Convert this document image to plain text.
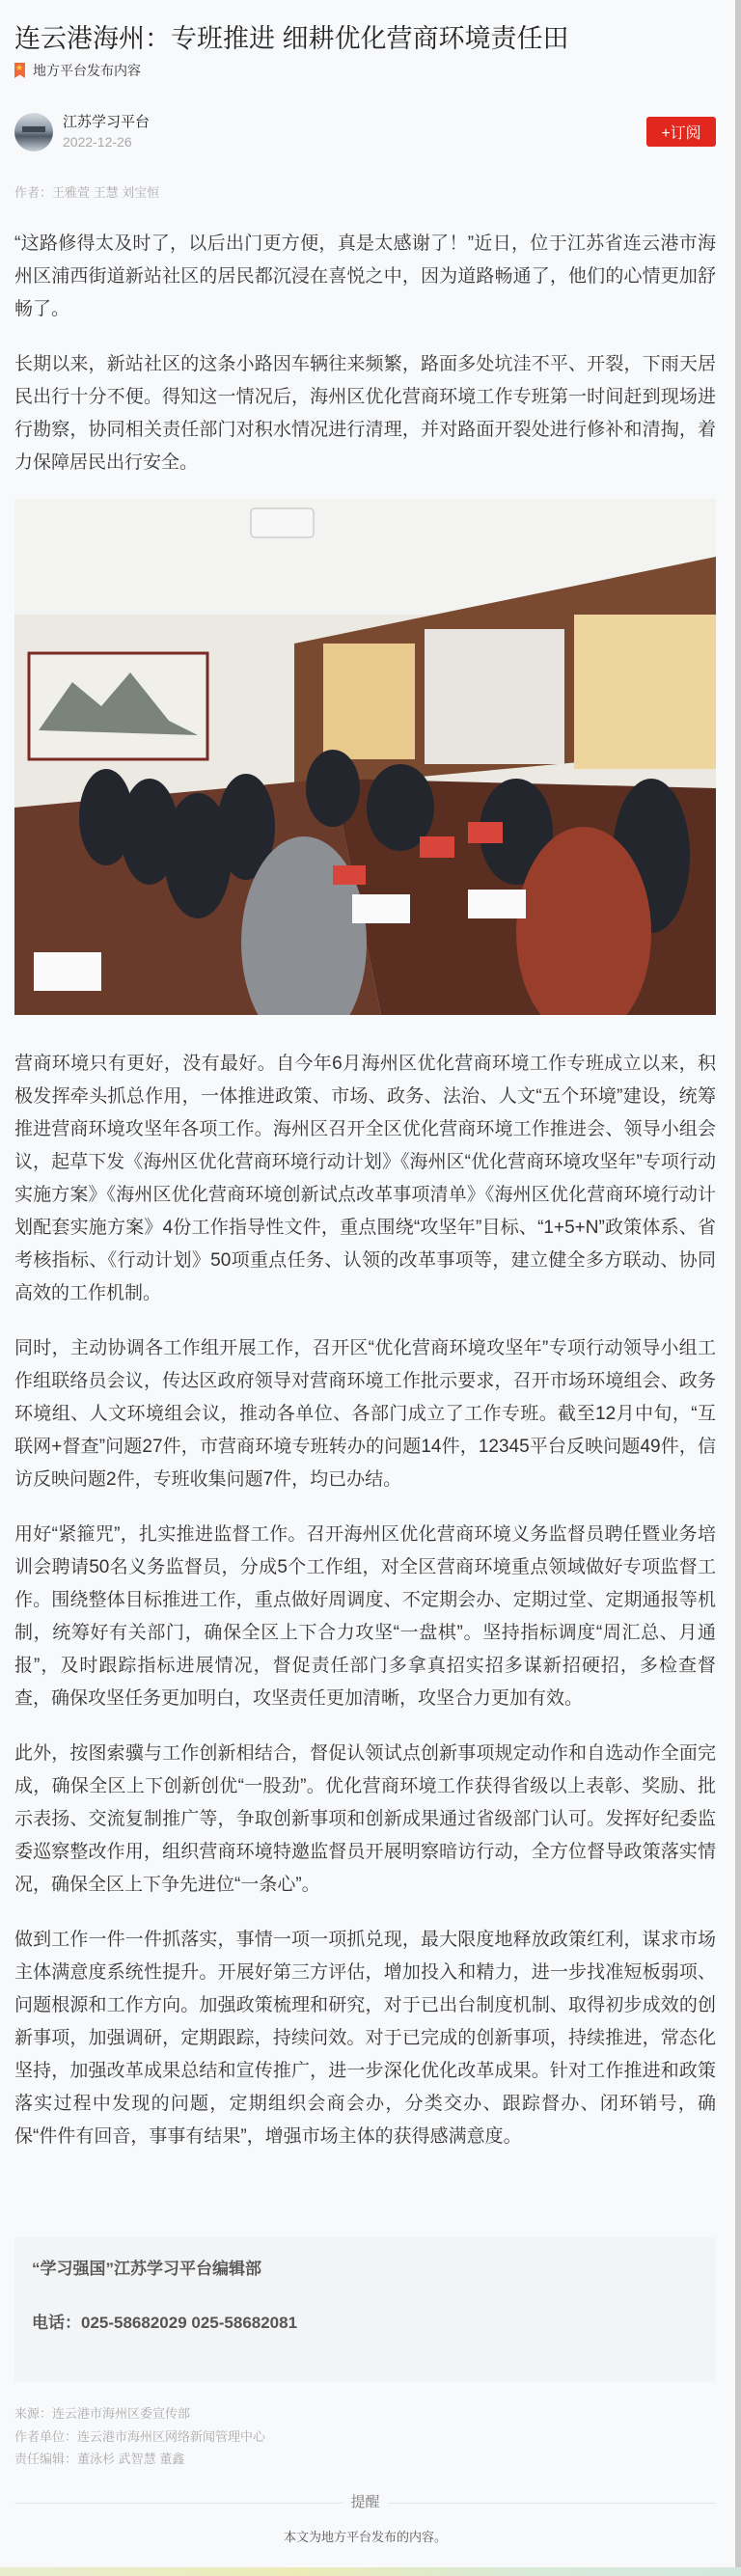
连云港海州：专班推进 细耕优化营商环境责任田
★
地方平台发布内容
江苏学习平台
2022-12-26	+订阅
作者：王雅萱 王慧 刘宝恒

“这路修得太及时了，以后出门更方便，真是太感谢了！”近日，位于江苏省连云港市海州区浦西街道新站社区的居民都沉浸在喜悦之中，因为道路畅通了，他们的心情更加舒畅了。

长期以来，新站社区的这条小路因车辆往来频繁，路面多处坑洼不平、开裂，下雨天居民出行十分不便。得知这一情况后，海州区优化营商环境工作专班第一时间赶到现场进行勘察，协同相关责任部门对积水情况进行清理，并对路面开裂处进行修补和清掏，着力保障居民出行安全。

营商环境只有更好，没有最好。自今年6月海州区优化营商环境工作专班成立以来，积极发挥牵头抓总作用，一体推进政策、市场、政务、法治、人文“五个环境”建设，统筹推进营商环境攻坚年各项工作。海州区召开全区优化营商环境工作推进会、领导小组会议，起草下发《海州区优化营商环境行动计划》《海州区“优化营商环境攻坚年”专项行动实施方案》《海州区优化营商环境创新试点改革事项清单》《海州区优化营商环境行动计划配套实施方案》4份工作指导性文件，重点围绕“攻坚年”目标、“1+5+N”政策体系、省考核指标、《行动计划》50项重点任务、认领的改革事项等，建立健全多方联动、协同高效的工作机制。

同时，主动协调各工作组开展工作，召开区“优化营商环境攻坚年”专项行动领导小组工作组联络员会议，传达区政府领导对营商环境工作批示要求，召开市场环境组会、政务环境组、人文环境组会议，推动各单位、各部门成立了工作专班。截至12月中旬，“互联网+督查”问题27件，市营商环境专班转办的问题14件，12345平台反映问题49件，信访反映问题2件，专班收集问题7件，均已办结。

用好“紧箍咒”，扎实推进监督工作。召开海州区优化营商环境义务监督员聘任暨业务培训会聘请50名义务监督员，分成5个工作组，对全区营商环境重点领域做好专项监督工作。围绕整体目标推进工作，重点做好周调度、不定期会办、定期过堂、定期通报等机制，统筹好有关部门，确保全区上下合力攻坚“一盘棋”。坚持指标调度“周汇总、月通报”，及时跟踪指标进展情况，督促责任部门多拿真招实招多谋新招硬招，多检查督查，确保攻坚任务更加明白，攻坚责任更加清晰，攻坚合力更加有效。

此外，按图索骥与工作创新相结合，督促认领试点创新事项规定动作和自选动作全面完成，确保全区上下创新创优“一股劲”。优化营商环境工作获得省级以上表彰、奖励、批示表扬、交流复制推广等，争取创新事项和创新成果通过省级部门认可。发挥好纪委监委巡察整改作用，组织营商环境特邀监督员开展明察暗访行动，全方位督导政策落实情况，确保全区上下争先进位“一条心”。

做到工作一件一件抓落实，事情一项一项抓兑现，最大限度地释放政策红利，谋求市场主体满意度系统性提升。开展好第三方评估，增加投入和精力，进一步找准短板弱项、问题根源和工作方向。加强政策梳理和研究，对于已出台制度机制、取得初步成效的创新事项，加强调研，定期跟踪，持续问效。对于已完成的创新事项，持续推进，常态化坚持，加强改革成果总结和宣传推广，进一步深化优化改革成果。针对工作推进和政策落实过程中发现的问题，定期组织会商会办，分类交办、跟踪督办、闭环销号，确保“件件有回音，事事有结果”，增强市场主体的获得感满意度。

“学习强国”江苏学习平台编辑部
电话：025-58682029 025-58682081
来源：连云港市海州区委宣传部
作者单位：连云港市海州区网络新闻管理中心
责任编辑：董泳杉 武智慧 董鑫
提醒
本文为地方平台发布的内容。
